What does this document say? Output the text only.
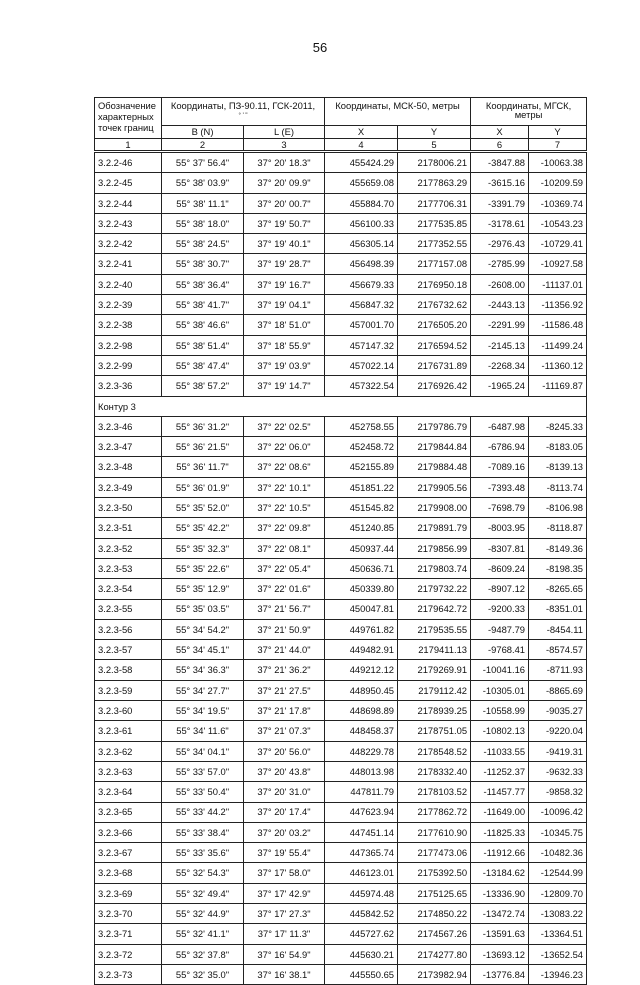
56
Обозначение характерных точек границ	Координаты, ПЗ-90.11, ГСК-2011,
° ' "		Координаты, МСК-50, метры		Координаты, МГСК, метры	
	B (N)	L (E)	X	Y	X	Y
1	2	3	4	5	6	7
3.2.2-46	55° 37' 56.4"	37° 20' 18.3"	455424.29	2178006.21	-3847.88	-10063.38
3.2.2-45	55° 38' 03.9"	37° 20' 09.9"	455659.08	2177863.29	-3615.16	-10209.59
3.2.2-44	55° 38' 11.1"	37° 20' 00.7"	455884.70	2177706.31	-3391.79	-10369.74
3.2.2-43	55° 38' 18.0"	37° 19' 50.7"	456100.33	2177535.85	-3178.61	-10543.23
3.2.2-42	55° 38' 24.5"	37° 19' 40.1"	456305.14	2177352.55	-2976.43	-10729.41
3.2.2-41	55° 38' 30.7"	37° 19' 28.7"	456498.39	2177157.08	-2785.99	-10927.58
3.2.2-40	55° 38' 36.4"	37° 19' 16.7"	456679.33	2176950.18	-2608.00	-11137.01
3.2.2-39	55° 38' 41.7"	37° 19' 04.1"	456847.32	2176732.62	-2443.13	-11356.92
3.2.2-38	55° 38' 46.6"	37° 18' 51.0"	457001.70	2176505.20	-2291.99	-11586.48
3.2.2-98	55° 38' 51.4"	37° 18' 55.9"	457147.32	2176594.52	-2145.13	-11499.24
3.2.2-99	55° 38' 47.4"	37° 19' 03.9"	457022.14	2176731.89	-2268.34	-11360.12
3.2.3-36	55° 38' 57.2"	37° 19' 14.7"	457322.54	2176926.42	-1965.24	-11169.87
Контур 3						
3.2.3-46	55° 36' 31.2"	37° 22' 02.5"	452758.55	2179786.79	-6487.98	-8245.33
3.2.3-47	55° 36' 21.5"	37° 22' 06.0"	452458.72	2179844.84	-6786.94	-8183.05
3.2.3-48	55° 36' 11.7"	37° 22' 08.6"	452155.89	2179884.48	-7089.16	-8139.13
3.2.3-49	55° 36' 01.9"	37° 22' 10.1"	451851.22	2179905.56	-7393.48	-8113.74
3.2.3-50	55° 35' 52.0"	37° 22' 10.5"	451545.82	2179908.00	-7698.79	-8106.98
3.2.3-51	55° 35' 42.2"	37° 22' 09.8"	451240.85	2179891.79	-8003.95	-8118.87
3.2.3-52	55° 35' 32.3"	37° 22' 08.1"	450937.44	2179856.99	-8307.81	-8149.36
3.2.3-53	55° 35' 22.6"	37° 22' 05.4"	450636.71	2179803.74	-8609.24	-8198.35
3.2.3-54	55° 35' 12.9"	37° 22' 01.6"	450339.80	2179732.22	-8907.12	-8265.65
3.2.3-55	55° 35' 03.5"	37° 21' 56.7"	450047.81	2179642.72	-9200.33	-8351.01
3.2.3-56	55° 34' 54.2"	37° 21' 50.9"	449761.82	2179535.55	-9487.79	-8454.11
3.2.3-57	55° 34' 45.1"	37° 21' 44.0"	449482.91	2179411.13	-9768.41	-8574.57
3.2.3-58	55° 34' 36.3"	37° 21' 36.2"	449212.12	2179269.91	-10041.16	-8711.93
3.2.3-59	55° 34' 27.7"	37° 21' 27.5"	448950.45	2179112.42	-10305.01	-8865.69
3.2.3-60	55° 34' 19.5"	37° 21' 17.8"	448698.89	2178939.25	-10558.99	-9035.27
3.2.3-61	55° 34' 11.6"	37° 21' 07.3"	448458.37	2178751.05	-10802.13	-9220.04
3.2.3-62	55° 34' 04.1"	37° 20' 56.0"	448229.78	2178548.52	-11033.55	-9419.31
3.2.3-63	55° 33' 57.0"	37° 20' 43.8"	448013.98	2178332.40	-11252.37	-9632.33
3.2.3-64	55° 33' 50.4"	37° 20' 31.0"	447811.79	2178103.52	-11457.77	-9858.32
3.2.3-65	55° 33' 44.2"	37° 20' 17.4"	447623.94	2177862.72	-11649.00	-10096.42
3.2.3-66	55° 33' 38.4"	37° 20' 03.2"	447451.14	2177610.90	-11825.33	-10345.75
3.2.3-67	55° 33' 35.6"	37° 19' 55.4"	447365.74	2177473.06	-11912.66	-10482.36
3.2.3-68	55° 32' 54.3"	37° 17' 58.0"	446123.01	2175392.50	-13184.62	-12544.99
3.2.3-69	55° 32' 49.4"	37° 17' 42.9"	445974.48	2175125.65	-13336.90	-12809.70
3.2.3-70	55° 32' 44.9"	37° 17' 27.3"	445842.52	2174850.22	-13472.74	-13083.22
3.2.3-71	55° 32' 41.1"	37° 17' 11.3"	445727.62	2174567.26	-13591.63	-13364.51
3.2.3-72	55° 32' 37.8"	37° 16' 54.9"	445630.21	2174277.80	-13693.12	-13652.54
3.2.3-73	55° 32' 35.0"	37° 16' 38.1"	445550.65	2173982.94	-13776.84	-13946.23
